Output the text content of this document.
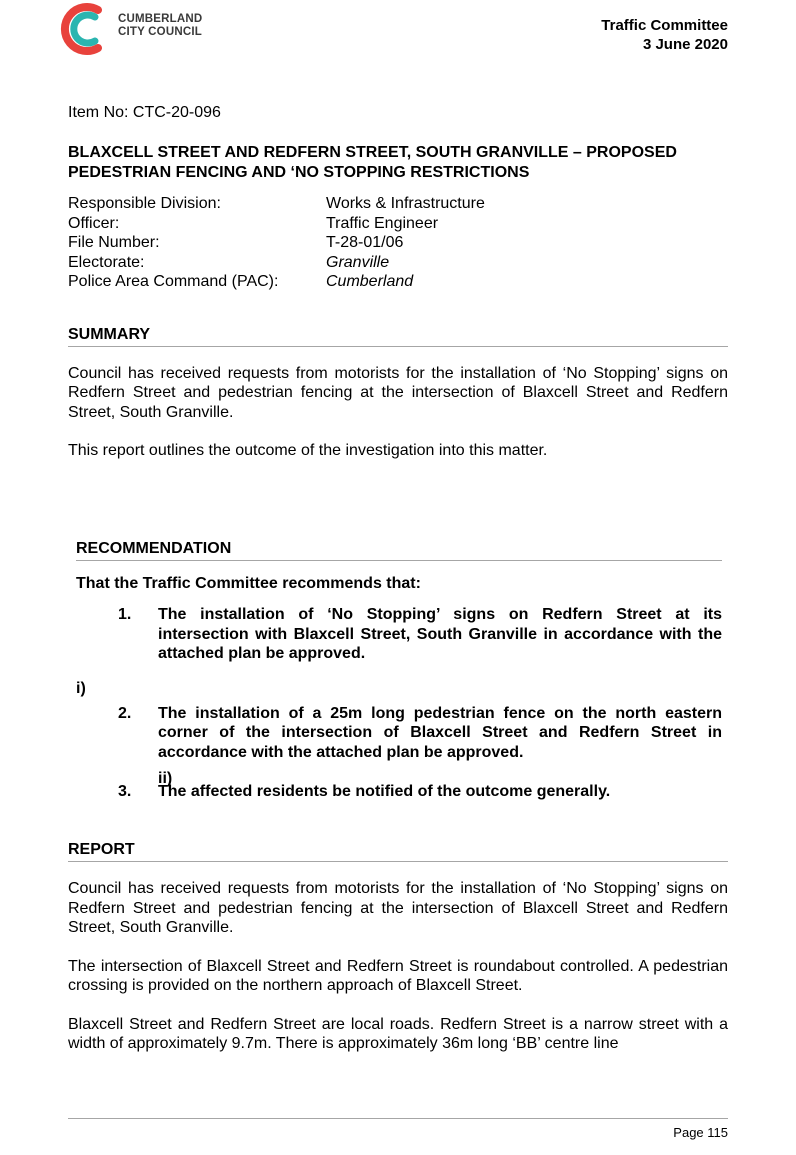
CUMBERLAND
CITY COUNCIL	Traffic Committee
3 June 2020

Item No: CTC-20-096

BLAXCELL STREET AND REDFERN STREET, SOUTH GRANVILLE – PROPOSED PEDESTRIAN FENCING AND ‘NO STOPPING RESTRICTIONS

Responsible Division:	Works & Infrastructure
Officer:	Traffic Engineer
File Number:	T-28-01/06
Electorate:	Granville
Police Area Command (PAC):	Cumberland

SUMMARY

Council has received requests from motorists for the installation of ‘No Stopping’ signs on Redfern Street and pedestrian fencing at the intersection of Blaxcell Street and Redfern Street, South Granville.

This report outlines the outcome of the investigation into this matter.

RECOMMENDATION

That the Traffic Committee recommends that:

1.	The installation of ‘No Stopping’ signs on Redfern Street at its intersection with Blaxcell Street, South Granville in accordance with the attached plan be approved.
2.	The installation of a 25m long pedestrian fence on the north eastern corner of the intersection of Blaxcell Street and Redfern Street in accordance with the attached plan be approved.
3.	The affected residents be notified of the outcome generally.
i)
ii)

REPORT

Council has received requests from motorists for the installation of ‘No Stopping’ signs on Redfern Street and pedestrian fencing at the intersection of Blaxcell Street and Redfern Street, South Granville.

The intersection of Blaxcell Street and Redfern Street is roundabout controlled. A pedestrian crossing is provided on the northern approach of Blaxcell Street.

Blaxcell Street and Redfern Street are local roads. Redfern Street is a narrow street with a width of approximately 9.7m. There is approximately 36m long ‘BB’ centre line

Page 115
